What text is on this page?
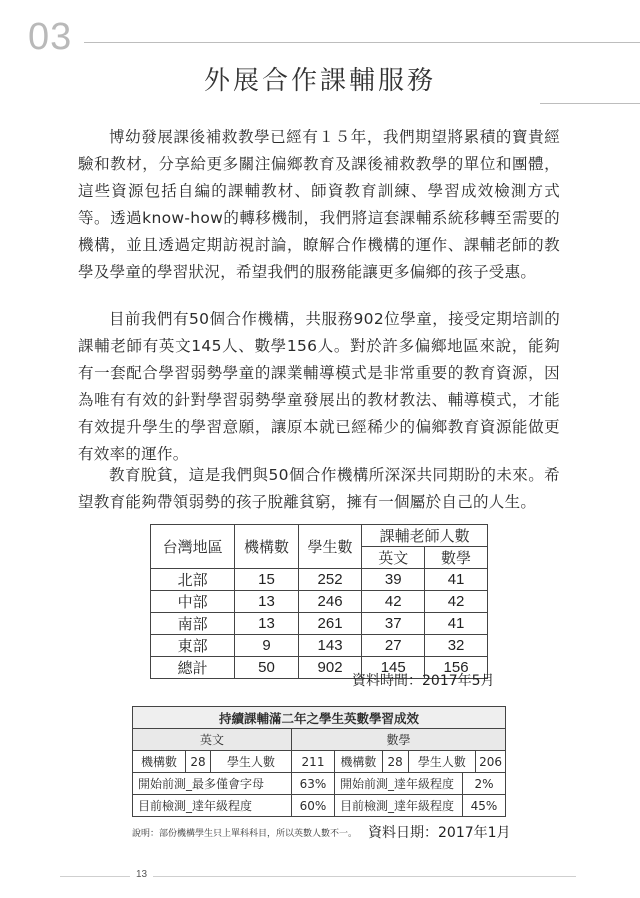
03
外展合作課輔服務

博幼發展課後補救教學已經有１５年，我們期望將累積的寶貴經驗和教材，分享給更多關注偏鄉教育及課後補救教學的單位和團體，這些資源包括自編的課輔教材、師資教育訓練、學習成效檢測方式等。透過know-how的轉移機制，我們將這套課輔系統移轉至需要的機構，並且透過定期訪視討論，瞭解合作機構的運作、課輔老師的教學及學童的學習狀況，希望我們的服務能讓更多偏鄉的孩子受惠。

目前我們有50個合作機構，共服務902位學童，接受定期培訓的課輔老師有英文145人、數學156人。對於許多偏鄉地區來說，能夠有一套配合學習弱勢學童的課業輔導模式是非常重要的教育資源，因為唯有有效的針對學習弱勢學童發展出的教材教法、輔導模式，才能有效提升學生的學習意願，讓原本就已經稀少的偏鄉教育資源能做更有效率的運作。

教育脫貧，這是我們與50個合作機構所深深共同期盼的未來。希望教育能夠帶領弱勢的孩子脫離貧窮，擁有一個屬於自己的人生。

台灣地區	機構數	學生數	課輔老師人數	
			英文	數學
北部	15	252	39	41
中部	13	246	42	42
南部	13	261	37	41
東部	9	143	27	32
總計	50	902	145	156
資料時間：2017年5月
持續課輔滿二年之學生英數學習成效
英文	數學
機構數	28	學生人數	211	機構數	28	學生人數	206

開始前測_最多僅會字母	63%	開始前測_達年級程度	2%
目前檢測_達年級程度	60%	目前檢測_達年級程度	45%
說明：部份機構學生只上單科科目，所以英數人數不一。 資料日期：2017年1月
13
